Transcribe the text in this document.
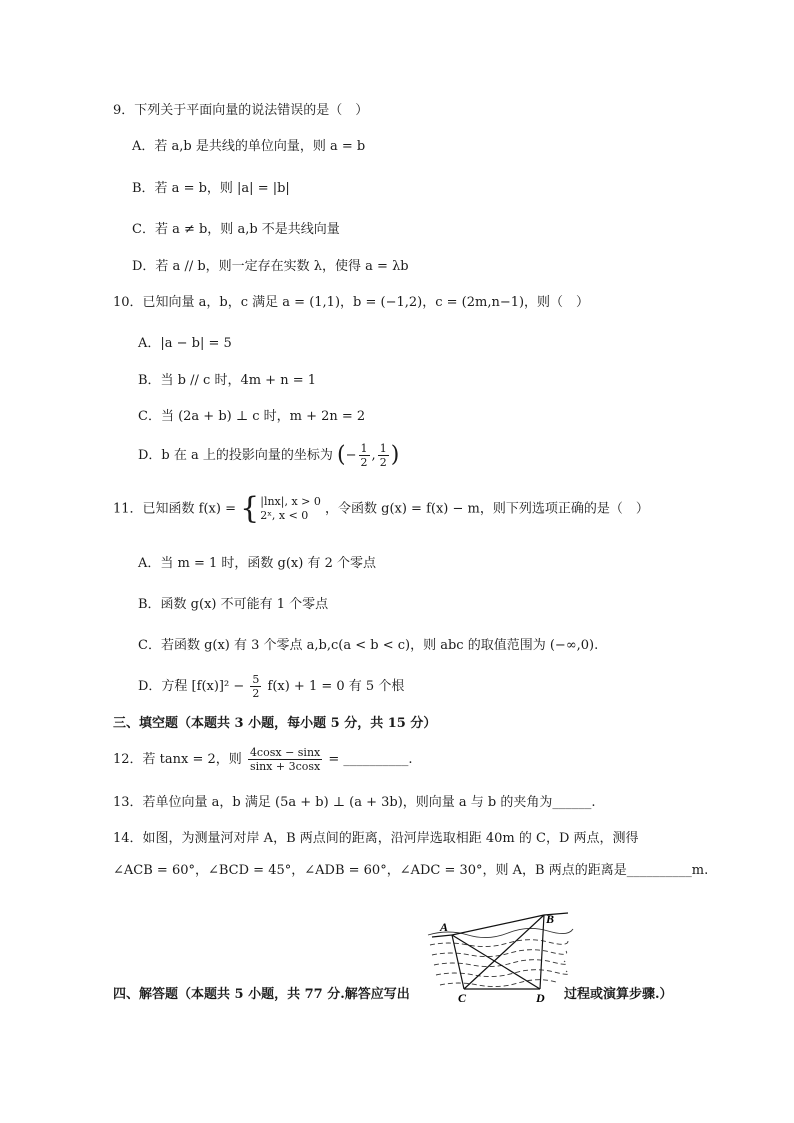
9．下列关于平面向量的说法错误的是（　）
A．若 a,b 是共线的单位向量，则 a = b
B．若 a = b，则 |a| = |b|
C．若 a ≠ b，则 a,b 不是共线向量
D．若 a // b，则一定存在实数 λ，使得 a = λb
10．已知向量 a，b，c 满足 a = (1,1)，b = (−1,2)，c = (2m,n−1)，则（　）
A．|a − b| = 5
B．当 b // c 时，4m + n = 1
C．当 (2a + b) ⊥ c 时，m + 2n = 2
D．b 在 a 上的投影向量的坐标为 (− $\frac{1}{2}$ , $\frac{1}{2}$ )
11．已知函数 f(x) = { |lnx|, x > 0
2ˣ, x < 0	，令函数 g(x) = f(x) − m，则下列选项正确的是（　）
A．当 m = 1 时，函数 g(x) 有 2 个零点
B．函数 g(x) 不可能有 1 个零点
C．若函数 g(x) 有 3 个零点 a,b,c(a < b < c)，则 abc 的取值范围为 (−∞,0).
D．方程 $[f(x)]^2 - \frac{5}{2} f(x) + 1 = 0$ 有 5 个根
三、填空题（本题共 3 小题，每小题 5 分，共 15 分）
12．若 tanx = 2，则 $\frac{4\cos x - \sin x}{\sin x + 3\cos x}$ = __________.
13．若单位向量 a，b 满足 (5a + b) ⊥ (a + 3b)，则向量 a 与 b 的夹角为______.
14．如图，为测量河对岸 A，B 两点间的距离，沿河岸选取相距 40m 的 C，D 两点，测得
∠ACB = 60°，∠BCD = 45°，∠ADB = 60°，∠ADC = 30°，则 A，B 两点的距离是__________m.
A
B
C	D
四、解答题（本题共 5 小题，共 77 分.解答应写出	过程或演算步骤.）
